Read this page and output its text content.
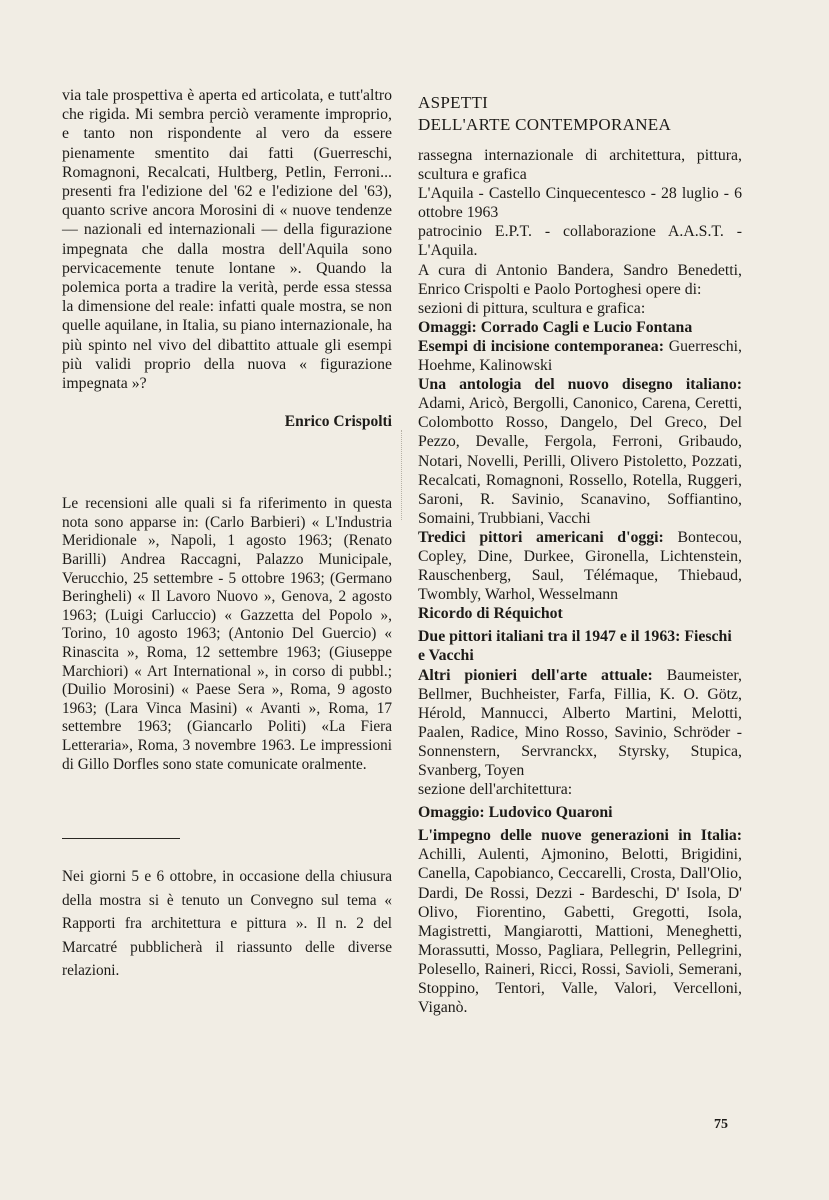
via tale prospettiva è aperta ed articolata, e tutt'altro che rigida. Mi sembra perciò veramente improprio, e tanto non rispondente al vero da essere pienamente smentito dai fatti (Guerreschi, Romagnoni, Recalcati, Hultberg, Petlin, Ferroni... presenti fra l'edizione del '62 e l'edizione del '63), quanto scrive ancora Morosini di « nuove tendenze — nazionali ed internazionali — della figurazione impegnata che dalla mostra dell'Aquila sono pervicacemente tenute lontane ». Quando la polemica porta a tradire la verità, perde essa stessa la dimensione del reale: infatti quale mostra, se non quelle aquilane, in Italia, su piano internazionale, ha più spinto nel vivo del dibattito attuale gli esempi più validi proprio della nuova « figurazione impegnata »?

Enrico Crispolti

Le recensioni alle quali si fa riferimento in questa nota sono apparse in: (Carlo Barbieri) « L'Industria Meridionale », Napoli, 1 agosto 1963; (Renato Barilli) Andrea Raccagni, Palazzo Municipale, Verucchio, 25 settembre - 5 ottobre 1963; (Germano Beringheli) « Il Lavoro Nuovo », Genova, 2 agosto 1963; (Luigi Carluccio) « Gazzetta del Popolo », Torino, 10 agosto 1963; (Antonio Del Guercio) « Rinascita », Roma, 12 settembre 1963; (Giuseppe Marchiori) « Art International », in corso di pubbl.; (Duilio Morosini) « Paese Sera », Roma, 9 agosto 1963; (Lara Vinca Masini) « Avanti », Roma, 17 settembre 1963; (Giancarlo Politi) «La Fiera Letteraria», Roma, 3 novembre 1963. Le impressioni di Gillo Dorfles sono state comunicate oralmente.

Nei giorni 5 e 6 ottobre, in occasione della chiusura della mostra si è tenuto un Convegno sul tema « Rapporti fra architettura e pittura ». Il n. 2 del Marcatré pubblicherà il riassunto delle diverse relazioni.

ASPETTI
DELL'ARTE CONTEMPORANEA

rassegna internazionale di architettura, pittura, scultura e grafica

L'Aquila - Castello Cinquecentesco - 28 luglio - 6 ottobre 1963

patrocinio E.P.T. - collaborazione A.A.S.T. - L'Aquila.

A cura di Antonio Bandera, Sandro Benedetti, Enrico Crispolti e Paolo Portoghesi opere di:

sezioni di pittura, scultura e grafica:

Omaggi: Corrado Cagli e Lucio Fontana

Esempi di incisione contemporanea: Guerreschi, Hoehme, Kalinowski

Una antologia del nuovo disegno italiano: Adami, Aricò, Bergolli, Canonico, Carena, Ceretti, Colombotto Rosso, Dangelo, Del Greco, Del Pezzo, Devalle, Fergola, Ferroni, Gribaudo, Notari, Novelli, Perilli, Olivero Pistoletto, Pozzati, Recalcati, Romagnoni, Rossello, Rotella, Ruggeri, Saroni, R. Savinio, Scanavino, Soffiantino, Somaini, Trubbiani, Vacchi

Tredici pittori americani d'oggi: Bontecou, Copley, Dine, Durkee, Gironella, Lichtenstein, Rauschenberg, Saul, Télémaque, Thiebaud, Twombly, Warhol, Wesselmann

Ricordo di Réquichot

Due pittori italiani tra il 1947 e il 1963: Fieschi e Vacchi

Altri pionieri dell'arte attuale: Baumeister, Bellmer, Buchheister, Farfa, Fillia, K. O. Götz, Hérold, Mannucci, Alberto Martini, Melotti, Paalen, Radice, Mino Rosso, Savinio, Schröder - Sonnenstern, Servranckx, Styrsky, Stupica, Svanberg, Toyen

sezione dell'architettura:

Omaggio: Ludovico Quaroni

L'impegno delle nuove generazioni in Italia: Achilli, Aulenti, Ajmonino, Belotti, Brigidini, Canella, Capobianco, Ceccarelli, Crosta, Dall'Olio, Dardi, De Rossi, Dezzi - Bardeschi, D' Isola, D' Olivo, Fiorentino, Gabetti, Gregotti, Isola, Magistretti, Mangiarotti, Mattioni, Meneghetti, Morassutti, Mosso, Pagliara, Pellegrin, Pellegrini, Polesello, Raineri, Ricci, Rossi, Savioli, Semerani, Stoppino, Tentori, Valle, Valori, Vercelloni, Viganò.

75
